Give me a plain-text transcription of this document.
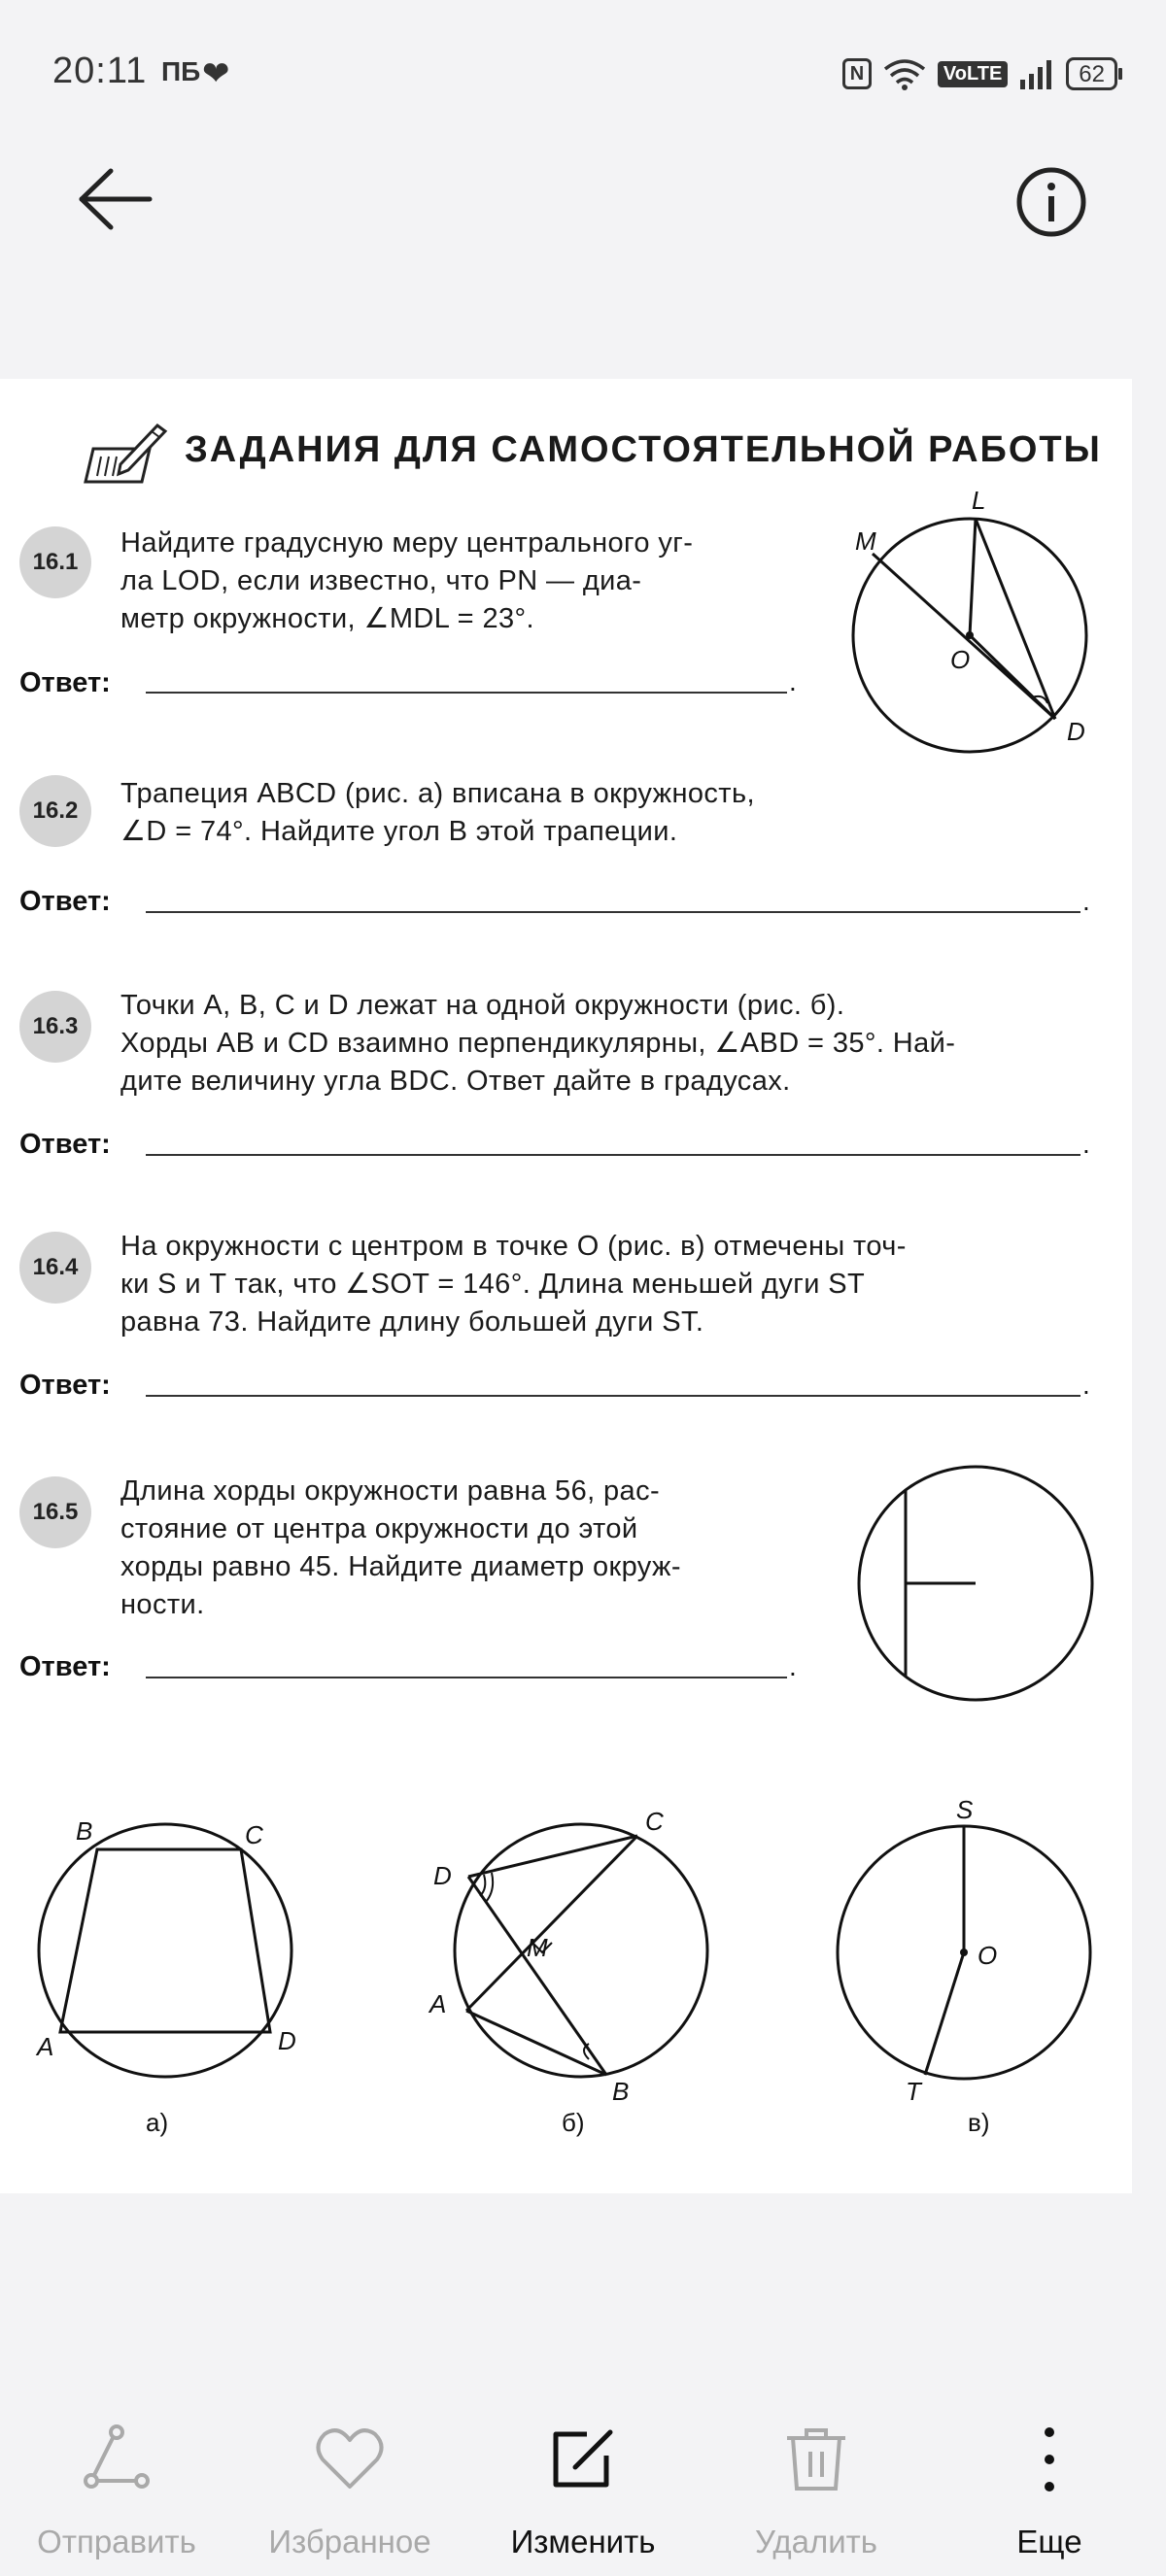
20:11 ПБ ❤	N	VoLTE	62
ЗАДАНИЯ ДЛЯ САМОСТОЯТЕЛЬНОЙ РАБОТЫ
16.1
Найдите градусную меру центрального уг-
ла LOD, если известно, что PN — диа-
метр окружности, ∠MDL = 23°.
Ответ:	.
L
M
O
D
16.2
Трапеция ABCD (рис. а) вписана в окружность,
∠D = 74°. Найдите угол B этой трапеции.
Ответ:	.
16.3
Точки A, B, C и D лежат на одной окружности (рис. б).
Хорды AB и CD взаимно перпендикулярны, ∠ABD = 35°. Най-
дите величину угла BDC. Ответ дайте в градусах.
Ответ:	.
16.4
На окружности с центром в точке O (рис. в) отмечены точ-
ки S и T так, что ∠SOT = 146°. Длина меньшей дуги ST
равна 73. Найдите длину большей дуги ST.
Ответ:	.
16.5
Длина хорды окружности равна 56, рас-
стояние от центра окружности до этой
хорды равно 45. Найдите диаметр окруж-
ности.
Ответ:	.
B	C
A	D
а)
C
D
M
A
B
б)
S
O
T
в)
Отправить	Избранное	Изменить	Удалить	Еще
